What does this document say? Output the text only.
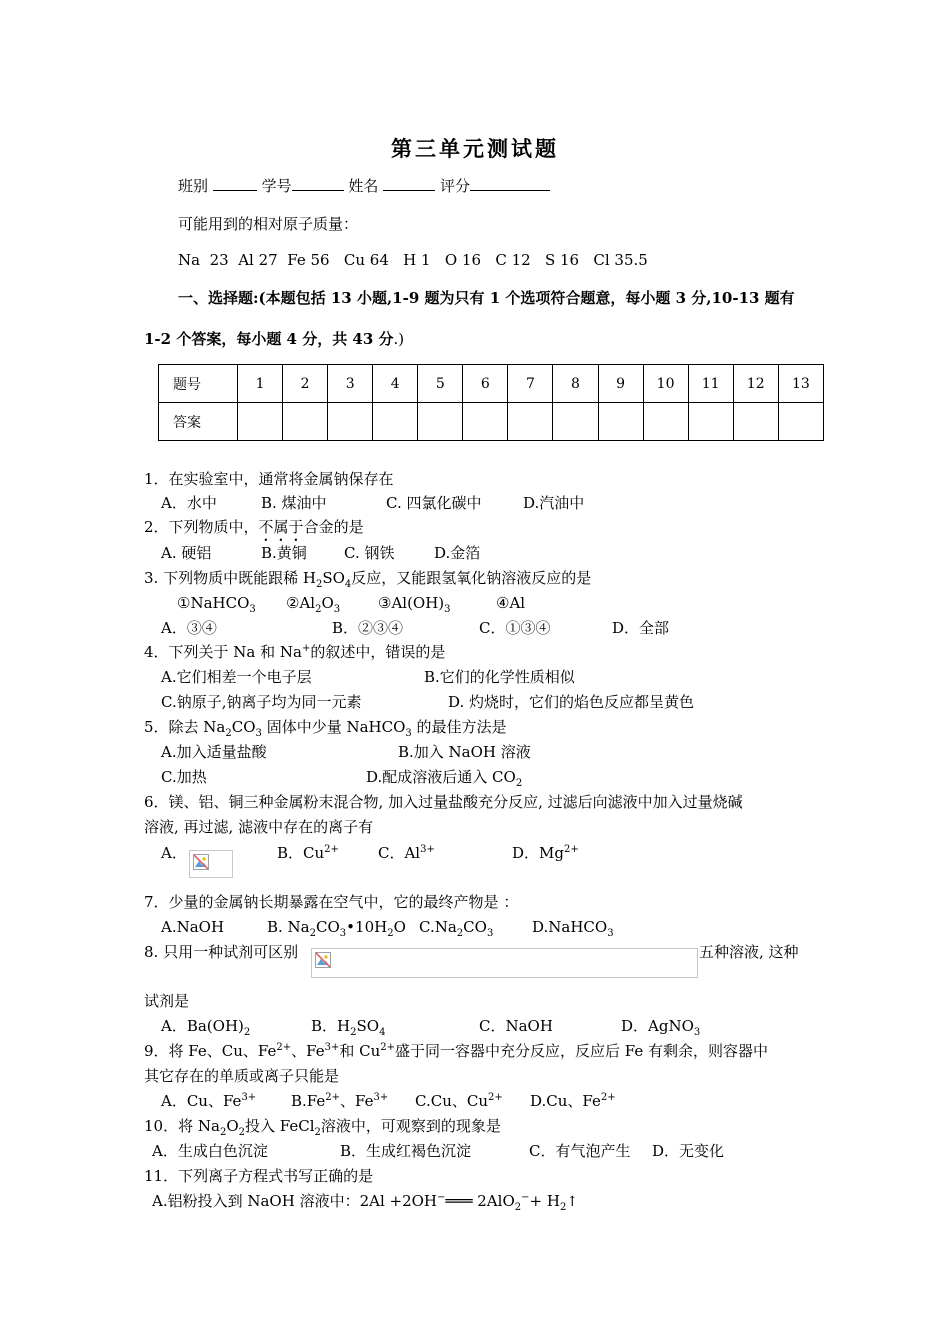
第三单元测试题
班别	学号	姓名	评分
可能用到的相对原子质量：
Na  23  Al 27  Fe 56   Cu 64   H 1   O 16   C 12   S 16   Cl 35.5
一、选择题:(本题包括 13 小题,1-9 题为只有 1 个选项符合题意，每小题 3 分,10-13 题有
1-2 个答案，每小题 4 分，共 43 分.)
题号	1	2	3	4	5	6	7	8	9	10	11	12	13
答案													
1．在实验室中，通常将金属钠保存在
A．水中	B. 煤油中	C. 四氯化碳中	D.汽油中
2．下列物质中，不属于合金的是
A. 硬铝	B.黄铜 C. 钢铁	D.金箔
3. 下列物质中既能跟稀 $H_2SO_4$反应，又能跟氢氧化钠溶液反应的是
①NaHCO$_3$ $②Al_2O_3$	$③Al(OH)_3$	④Al
A．③④	B．②③④	C．①③④	D．全部
4．下列关于 Na 和 Na+的叙述中，错误的是
A.它们相差一个电子层	B.它们的化学性质相似
C.钠原子,钠离子均为同一元素	D. 灼烧时，它们的焰色反应都呈黄色
5．除去 $Na_2CO_3$ 固体中少量 NaHCO$_3$ 的最佳方法是
A.加入适量盐酸	B.加入 NaOH 溶液
C.加热	D.配成溶液后通入 $CO_2$
6．镁、铝、铜三种金属粉末混合物, 加入过量盐酸充分反应, 过滤后向滤液中加入过量烧碱
溶液, 再过滤, 滤液中存在的离子有
A．	B．$Cu^{2+}$	C．$Al^{3+}$	D．$Mg^{2+}$
7．少量的金属钠长期暴露在空气中，它的最终产物是 ：
A.NaOH	B. $Na_2CO_3•10H_2O$ $C.Na_2CO_3$	D.NaHCO$_3$
8. 只用一种试剂可区别	五种溶液, 这种
试剂是
A．$Ba(OH)_2$	B．$H_2SO_4$	C．NaOH	D．AgNO$_3$
9．将 Fe、Cu、$Fe^{2+}$、$Fe^{3+}$和 $Cu^{2+}$盛于同一容器中充分反应，反应后 Fe 有剩余，则容器中
其它存在的单质或离子只能是
A．Cu、$Fe^{3+}$ $B.Fe^{2+}$、$Fe^{3+}$ C.Cu、$Cu^{2+}$ D.Cu、$Fe^{2+}$
10．将 $Na_2O_2$投入 FeCl$_2$溶液中，可观察到的现象是
A．生成白色沉淀	B．生成红褐色沉淀	C．有气泡产生 D．无变化
11．下列离子方程式书写正确的是
A.铝粉投入到 NaOH 溶液中：2Al +2OH−═══ $2AlO_2^-+ H_2↑$
